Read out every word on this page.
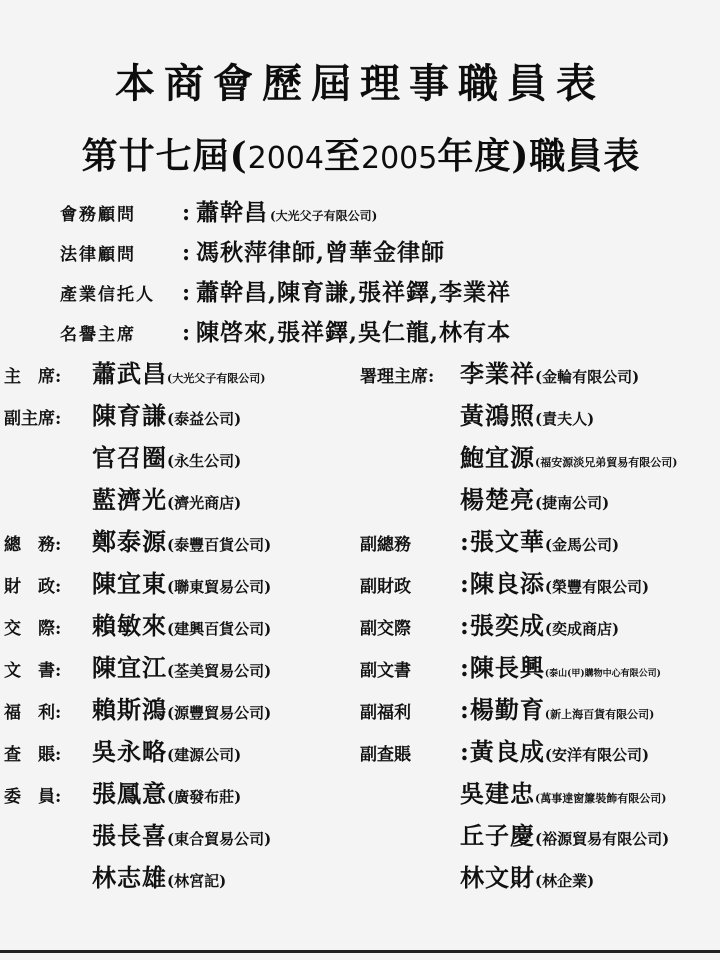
本商會歷屆理事職員表
第廿七屆(2004至2005年度)職員表
會務顧問	: 蕭幹昌 (大光父子有限公司)
法律顧問	: 馮秋萍律師,曾華金律師
產業信托人	: 蕭幹昌,陳育謙,張祥鐸,李業祥
名譽主席	: 陳啓來,張祥鐸,吳仁龍,林有本
主　席:	蕭武昌 (大光父子有限公司)	署理主席:	李業祥 (金輪有限公司)
副主席:	陳育謙 (泰益公司)	黃鴻照 (責夫人)
官召圈 (永生公司)	鮑宜源 (福安源淡兄弟貿易有限公司)
藍濟光 (濟光商店)	楊楚亮 (捷南公司)
總　務:	鄭泰源 (泰豐百貨公司)	副總務	:張文華 (金馬公司)
財　政:	陳宜東 (聯東貿易公司)	副財政	:陳良添 (榮豐有限公司)
交　際:	賴敏來 (建興百貨公司)	副交際	:張奕成 (奕成商店)
文　書:	陳宜江 (荃美貿易公司)	副文書	:陳長興 (泰山(甲)購物中心有限公司)
福　利:	賴斯鴻 (源豐貿易公司)	副福利	:楊勤育 (新上海百貨有限公司)
查　賬:	吳永略 (建源公司)	副查賬	:黃良成 (安洋有限公司)
委　員:	張鳳意 (廣發布莊)	吳建忠 (萬事達窗簾裝飾有限公司)
張長喜 (東合貿易公司)	丘子慶 (裕源貿易有限公司)
林志雄 (林宮記)	林文財 (林企業)
